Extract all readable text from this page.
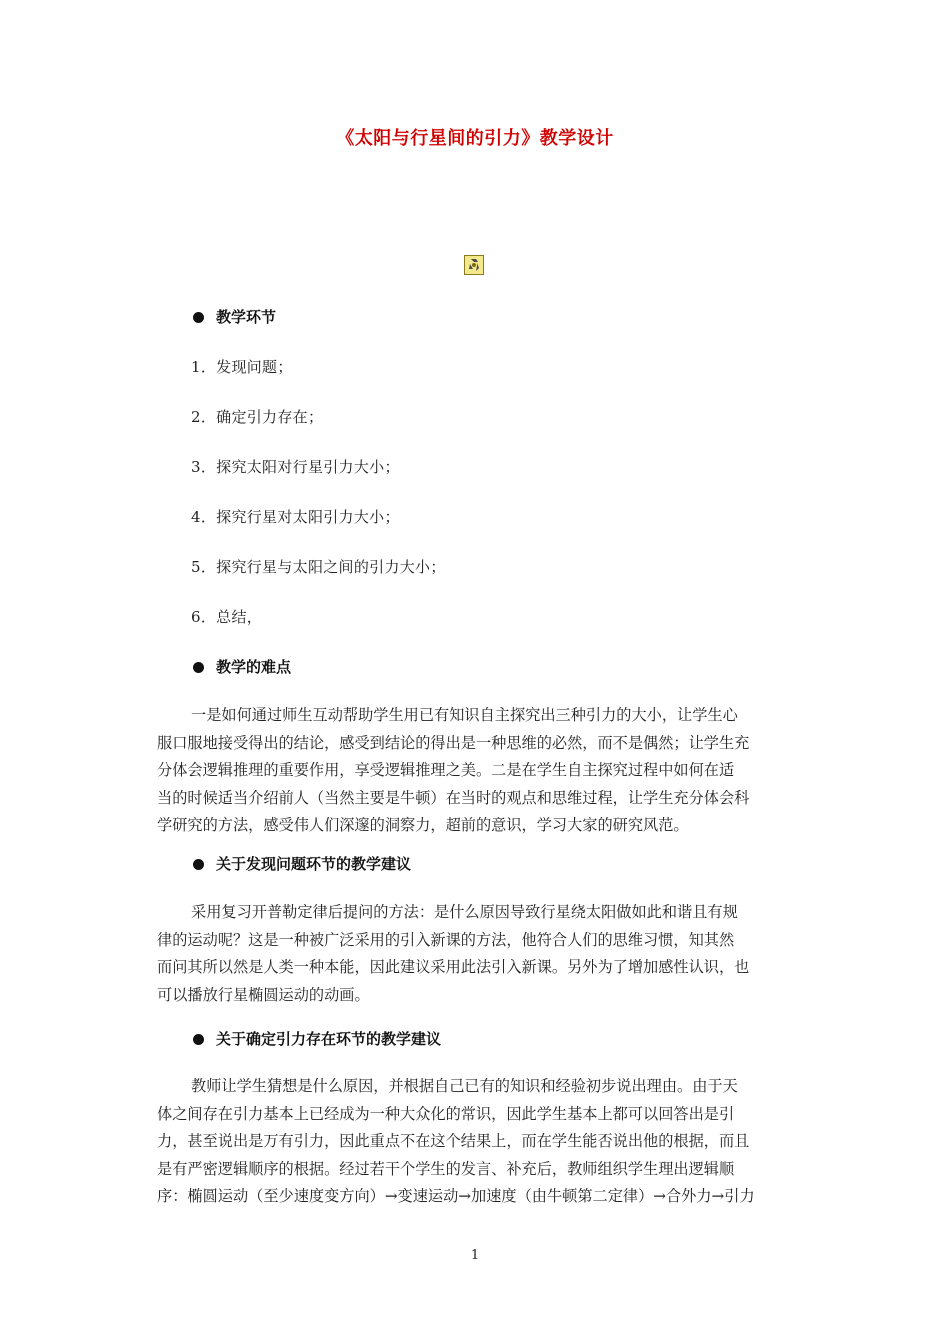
《太阳与行星间的引力》教学设计
教学环节
1．发现问题；
2．确定引力存在；
3．探究太阳对行星引力大小；
4．探究行星对太阳引力大小；
5．探究行星与太阳之间的引力大小；
6．总结，
教学的难点
一是如何通过师生互动帮助学生用已有知识自主探究出三种引力的大小，让学生心
服口服地接受得出的结论，感受到结论的得出是一种思维的必然，而不是偶然；让学生充
分体会逻辑推理的重要作用，享受逻辑推理之美。二是在学生自主探究过程中如何在适
当的时候适当介绍前人（当然主要是牛顿）在当时的观点和思维过程，让学生充分体会科
学研究的方法，感受伟人们深邃的洞察力，超前的意识，学习大家的研究风范。
关于发现问题环节的教学建议
采用复习开普勒定律后提问的方法：是什么原因导致行星绕太阳做如此和谐且有规
律的运动呢？这是一种被广泛采用的引入新课的方法，他符合人们的思维习惯，知其然
而问其所以然是人类一种本能，因此建议采用此法引入新课。另外为了增加感性认识，也
可以播放行星椭圆运动的动画。
关于确定引力存在环节的教学建议
教师让学生猜想是什么原因，并根据自己已有的知识和经验初步说出理由。由于天
体之间存在引力基本上已经成为一种大众化的常识，因此学生基本上都可以回答出是引
力，甚至说出是万有引力，因此重点不在这个结果上，而在学生能否说出他的根据，而且
是有严密逻辑顺序的根据。经过若干个学生的发言、补充后，教师组织学生理出逻辑顺
序：椭圆运动（至少速度变方向）→变速运动→加速度（由牛顿第二定律）→合外力→引力
1
